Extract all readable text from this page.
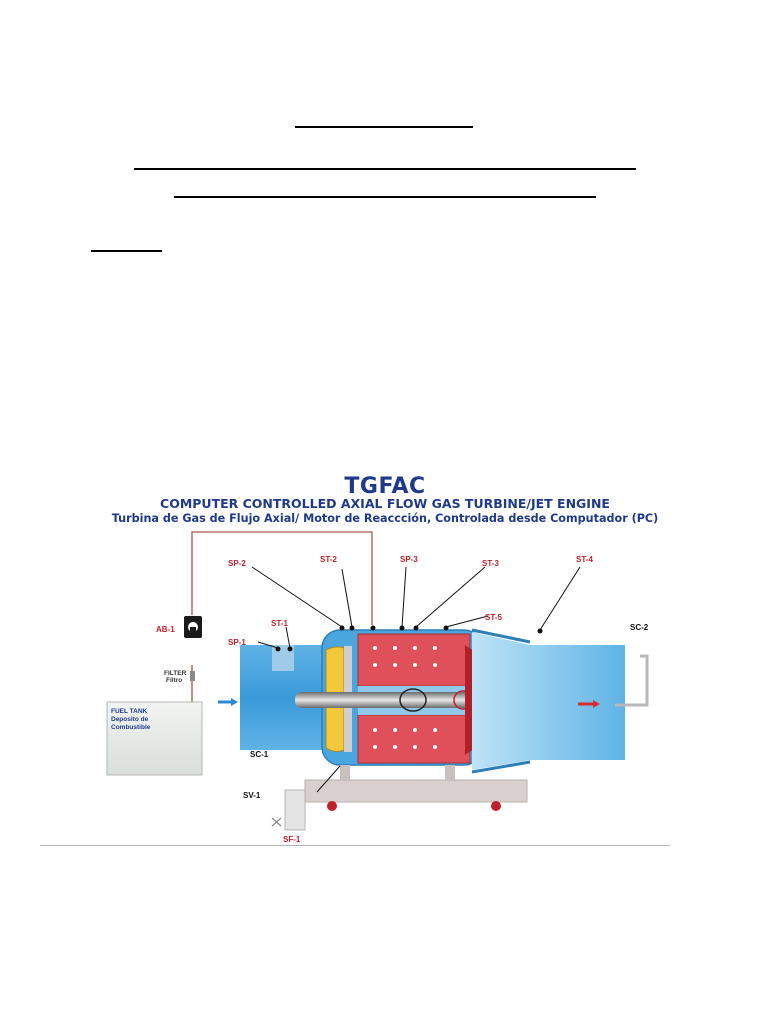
TGFAC
COMPUTER CONTROLLED AXIAL FLOW GAS TURBINE/JET ENGINE
Turbina de Gas de Flujo Axial/ Motor de Reaccción, Controlada desde Computador (PC)
FUEL TANK
Deposito de
Combustible
AB-1
FILTER
Filtro
SP-1
ST-1
SP-2	ST-2	SP-3	ST-3	ST-4
ST-5
SC-1
SC-2
SV-1
SF-1
